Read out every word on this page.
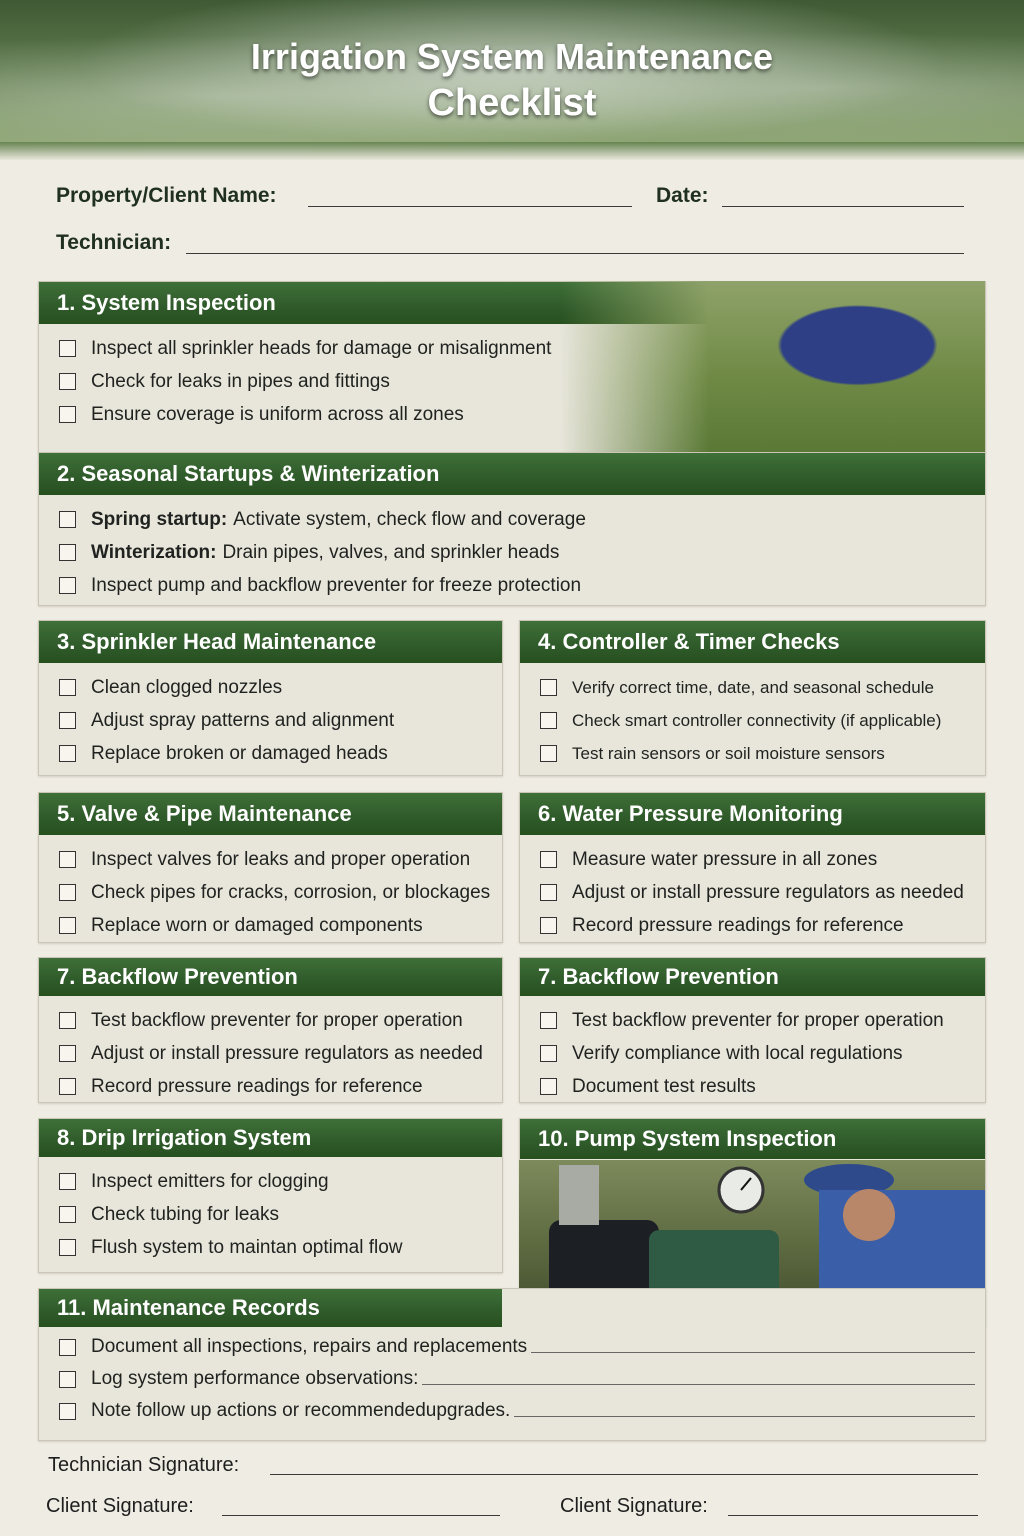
Irrigation System Maintenance
Checklist
Property/Client Name:	Date:
Technician:
1. System Inspection
Inspect all sprinkler heads for damage or misalignment
Check for leaks in pipes and fittings
Ensure coverage is uniform across all zones
2. Seasonal Startups & Winterization
Spring startup: Activate system, check flow and coverage
Winterization: Drain pipes, valves, and sprinkler heads
Inspect pump and backflow preventer for freeze protection
3. Sprinkler Head Maintenance
Clean clogged nozzles
Adjust spray patterns and alignment
Replace broken or damaged heads
4. Controller & Timer Checks
Verify correct time, date, and seasonal schedule
Check smart controller connectivity (if applicable)
Test rain sensors or soil moisture sensors
5. Valve & Pipe Maintenance
Inspect valves for leaks and proper operation
Check pipes for cracks, corrosion, or blockages
Replace worn or damaged components
6. Water Pressure Monitoring
Measure water pressure in all zones
Adjust or install pressure regulators as needed
Record pressure readings for reference
7. Backflow Prevention
Test backflow preventer for proper operation
Adjust or install pressure regulators as needed
Record pressure readings for reference
7. Backflow Prevention
Test backflow preventer for proper operation
Verify compliance with local regulations
Document test results
8. Drip Irrigation System
Inspect emitters for clogging
Check tubing for leaks
Flush system to maintan optimal flow
10. Pump System Inspection
11. Maintenance Records
Document all inspections, repairs and replacements
Log system performance observations:
Note follow up actions or recommendedupgrades.
Technician Signature:
Client Signature:	Client Signature:
